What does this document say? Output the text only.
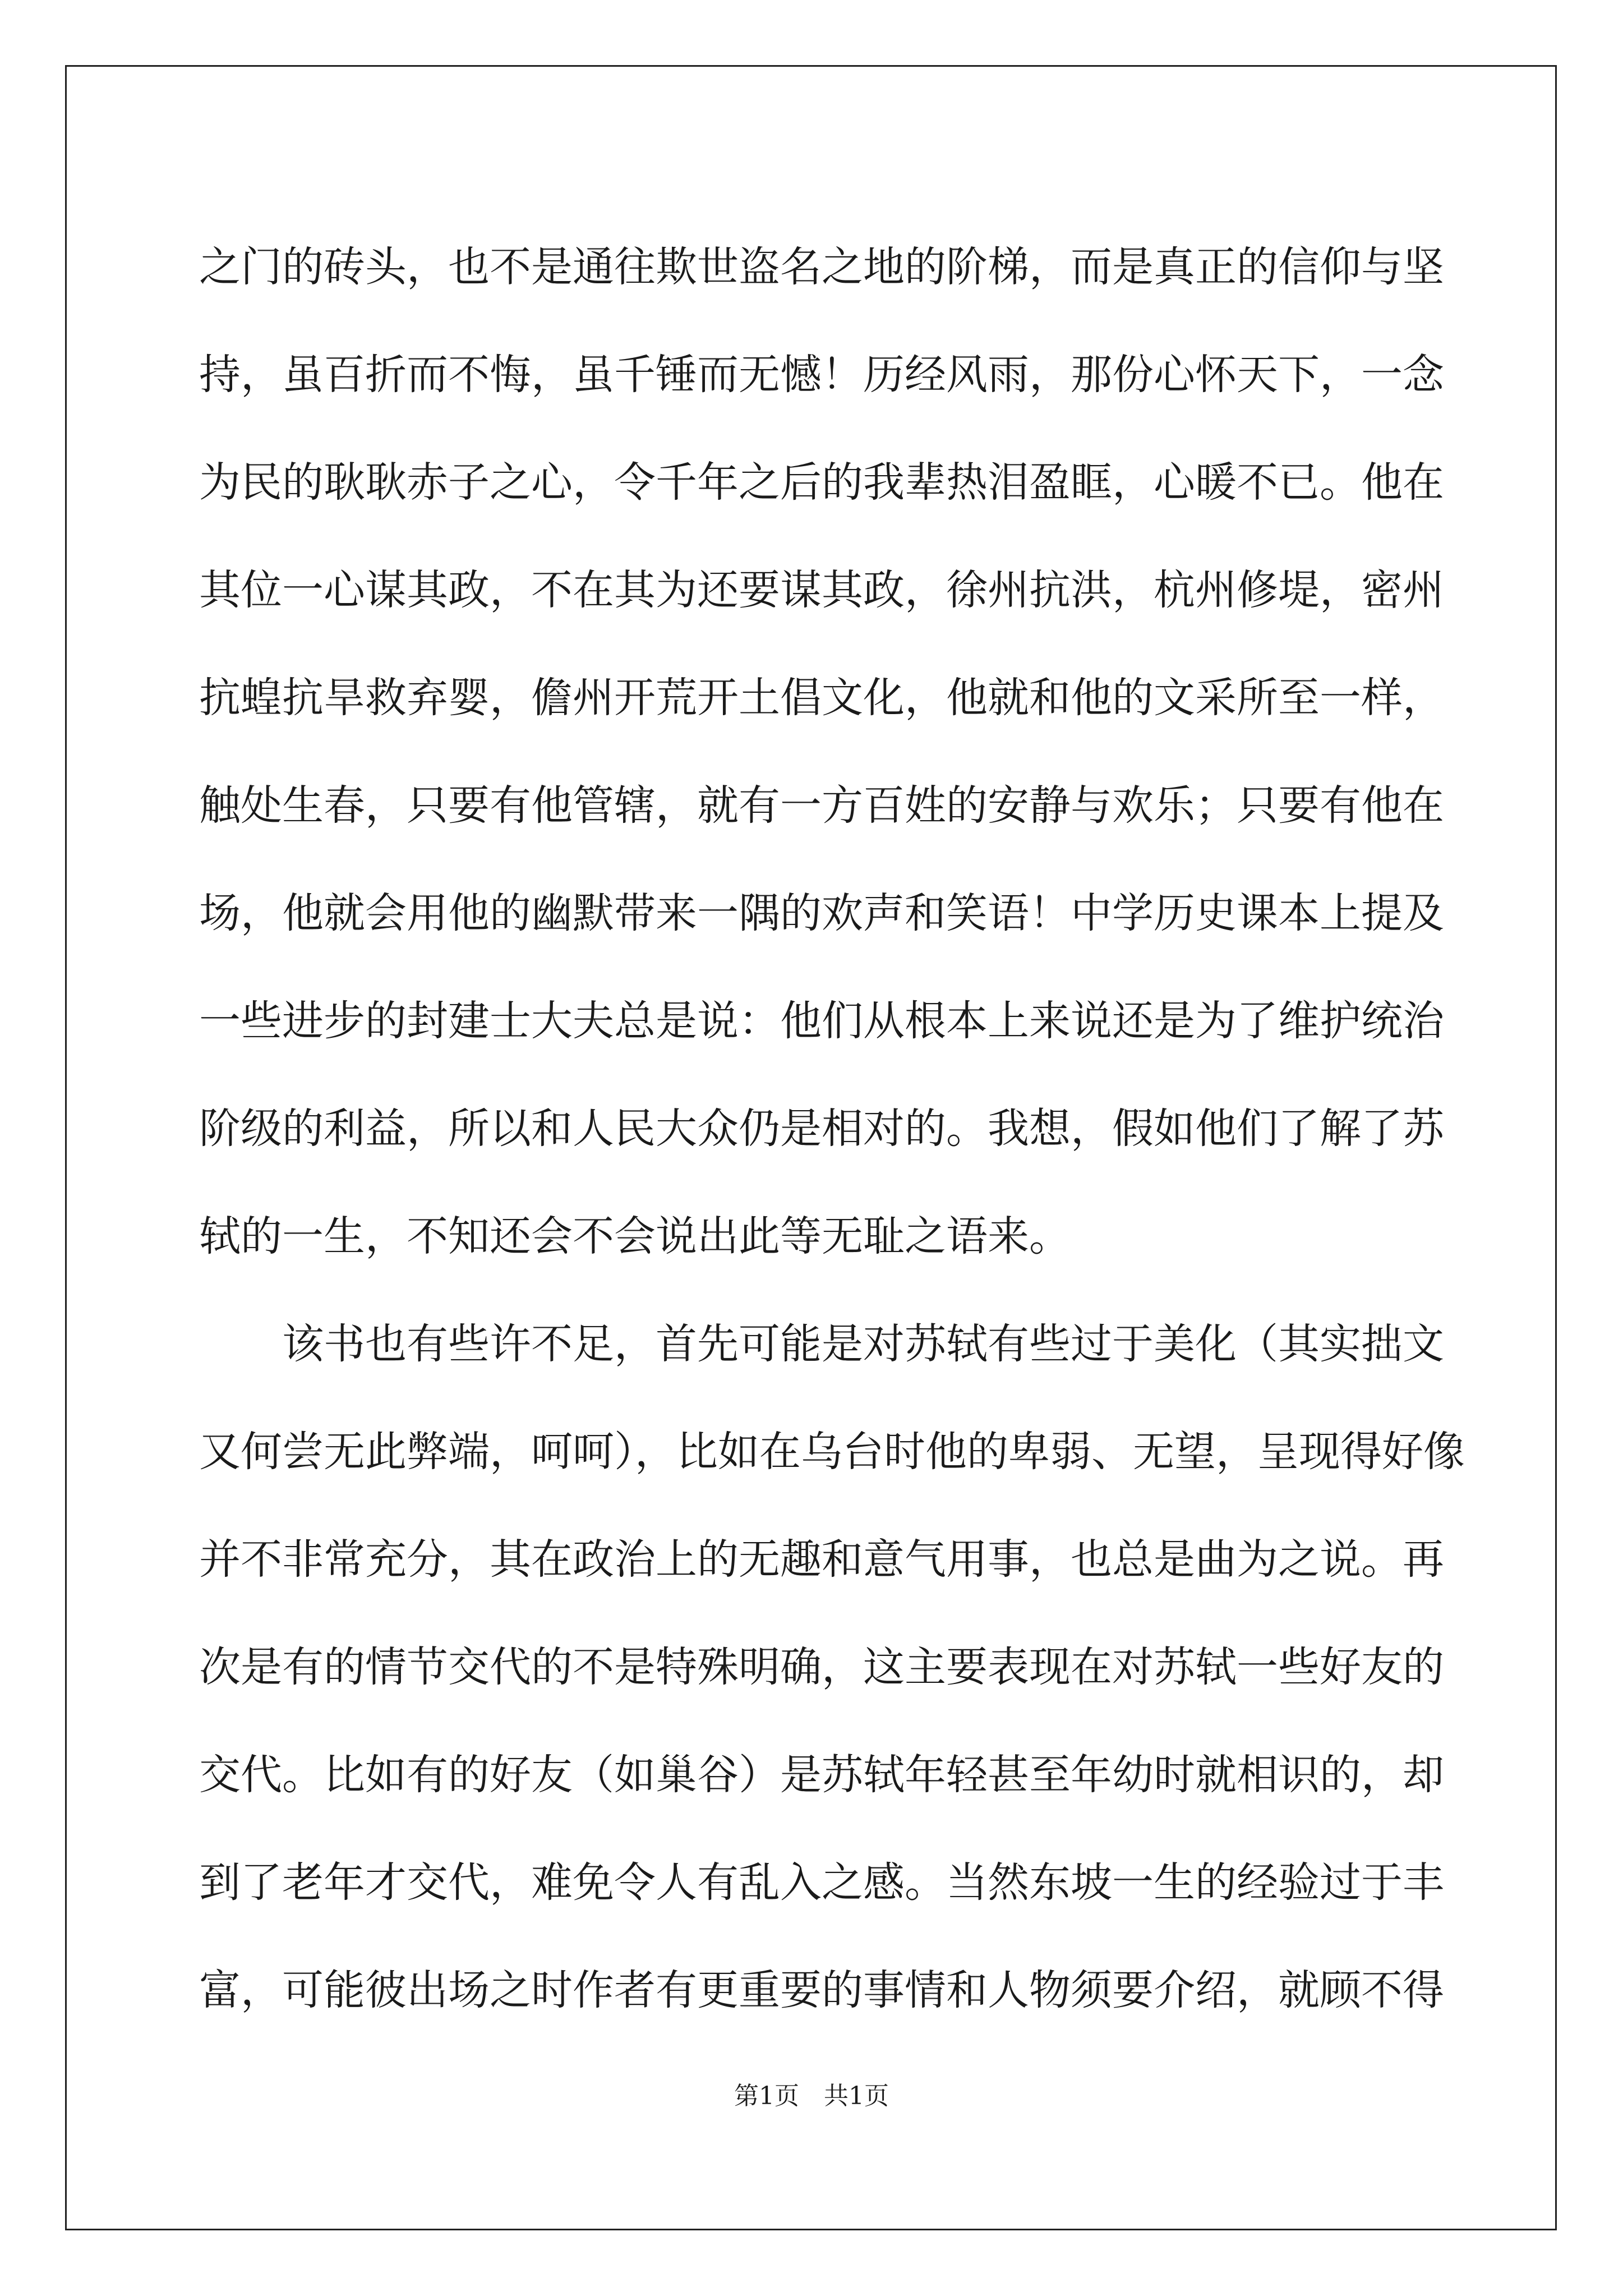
之门的砖头，也不是通往欺世盗名之地的阶梯，而是真正的信仰与坚
持，虽百折而不悔，虽千锤而无憾！历经风雨，那份心怀天下，一念
为民的耿耿赤子之心，令千年之后的我辈热泪盈眶，心暖不已。他在
其位一心谋其政，不在其为还要谋其政，徐州抗洪，杭州修堤，密州
抗蝗抗旱救弃婴，儋州开荒开土倡文化，他就和他的文采所至一样，
触处生春，只要有他管辖，就有一方百姓的安静与欢乐；只要有他在
场，他就会用他的幽默带来一隅的欢声和笑语！中学历史课本上提及
一些进步的封建士大夫总是说：他们从根本上来说还是为了维护统治
阶级的利益，所以和人民大众仍是相对的。我想，假如他们了解了苏
轼的一生，不知还会不会说出此等无耻之语来。
该书也有些许不足，首先可能是对苏轼有些过于美化（其实拙文
又何尝无此弊端，呵呵），比如在乌台时他的卑弱、无望，呈现得好像
并不非常充分，其在政治上的无趣和意气用事，也总是曲为之说。再
次是有的情节交代的不是特殊明确，这主要表现在对苏轼一些好友的
交代。比如有的好友（如巢谷）是苏轼年轻甚至年幼时就相识的，却
到了老年才交代，难免令人有乱入之感。当然东坡一生的经验过于丰
富，可能彼出场之时作者有更重要的事情和人物须要介绍，就顾不得
第1页　共1页
